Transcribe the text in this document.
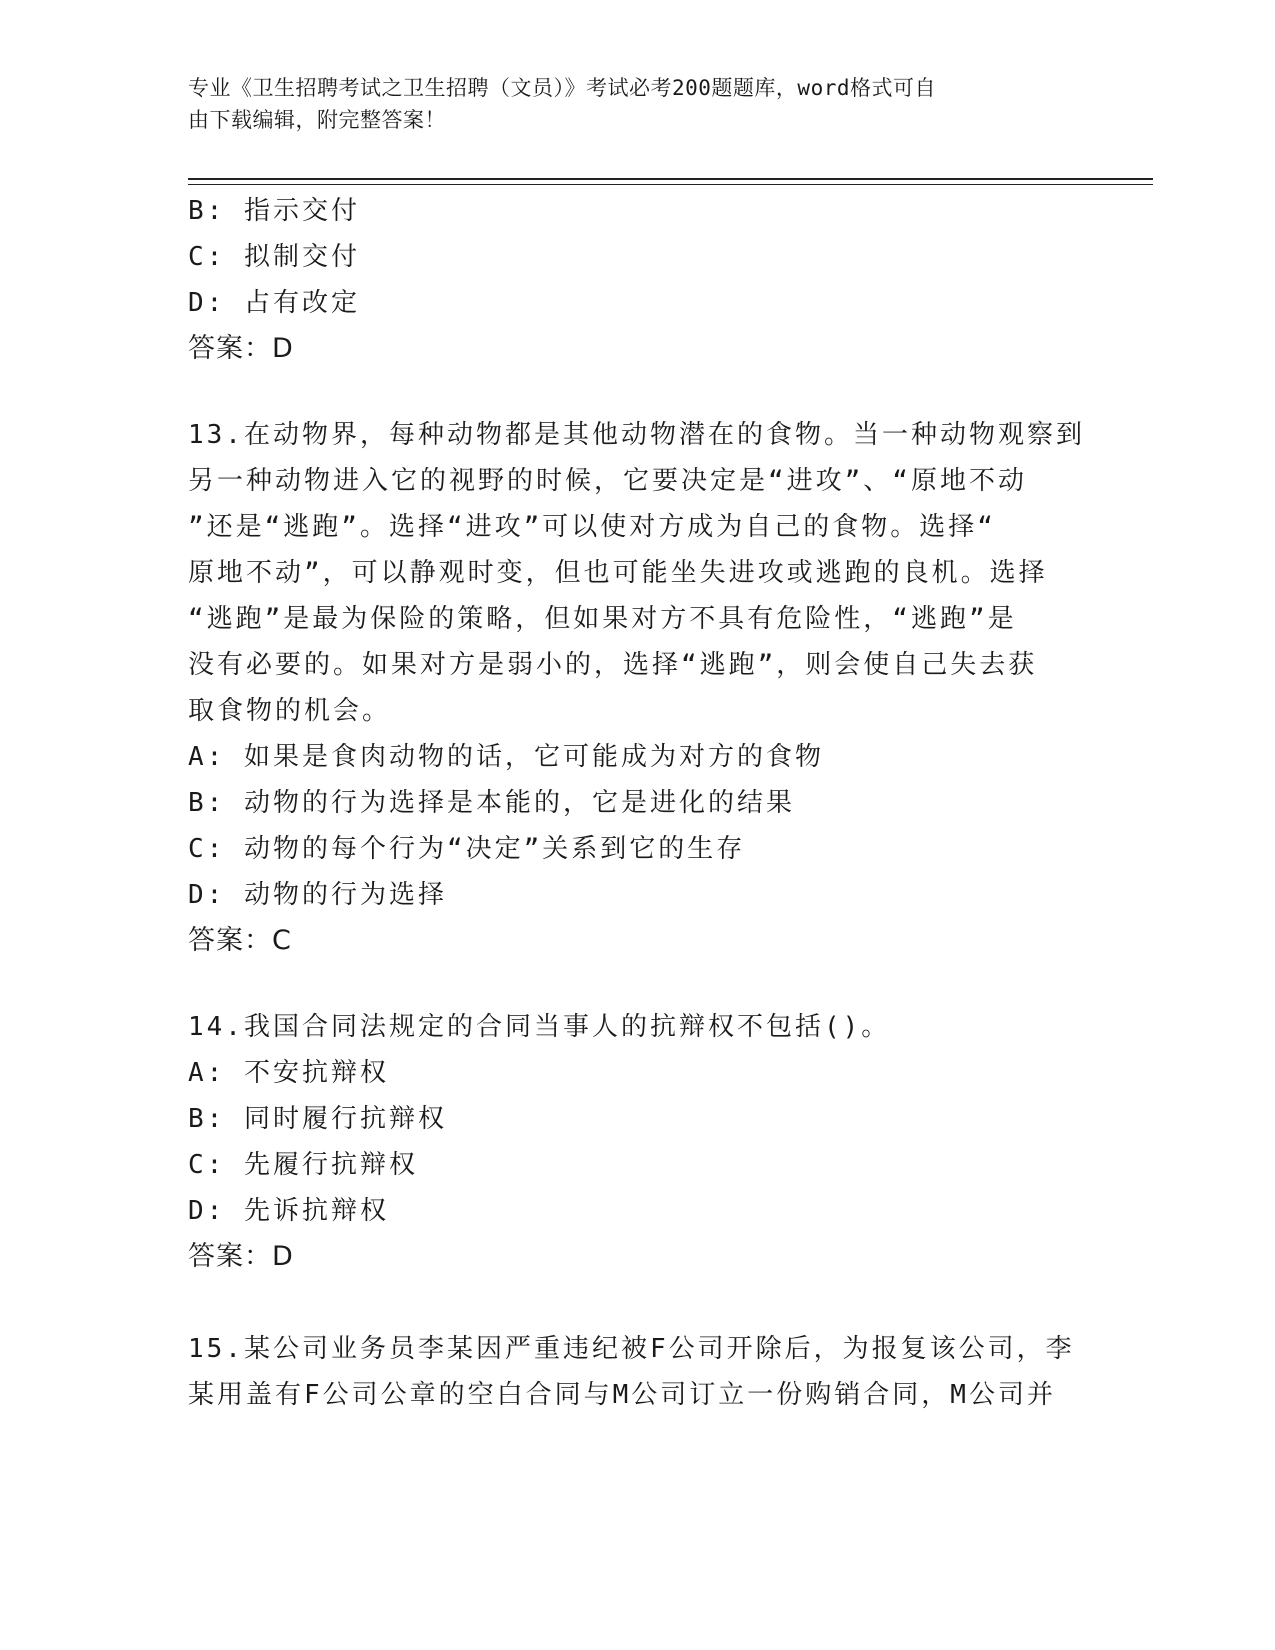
专业《卫生招聘考试之卫生招聘（文员）》考试必考200题题库，word格式可自
由下载编辑，附完整答案！
B: 指示交付
C: 拟制交付
D: 占有改定
答案：D
13.在动物界，每种动物都是其他动物潜在的食物。当一种动物观察到
另一种动物进入它的视野的时候，它要决定是“进攻”、“原地不动
”还是“逃跑”。选择“进攻”可以使对方成为自己的食物。选择“
原地不动”，可以静观时变，但也可能坐失进攻或逃跑的良机。选择
“逃跑”是最为保险的策略，但如果对方不具有危险性，“逃跑”是
没有必要的。如果对方是弱小的，选择“逃跑”，则会使自己失去获
取食物的机会。
A: 如果是食肉动物的话，它可能成为对方的食物
B: 动物的行为选择是本能的，它是进化的结果
C: 动物的每个行为“决定”关系到它的生存
D: 动物的行为选择
答案：C
14.我国合同法规定的合同当事人的抗辩权不包括()。
A: 不安抗辩权
B: 同时履行抗辩权
C: 先履行抗辩权
D: 先诉抗辩权
答案：D
15.某公司业务员李某因严重违纪被F公司开除后，为报复该公司，李
某用盖有F公司公章的空白合同与M公司订立一份购销合同，M公司并
